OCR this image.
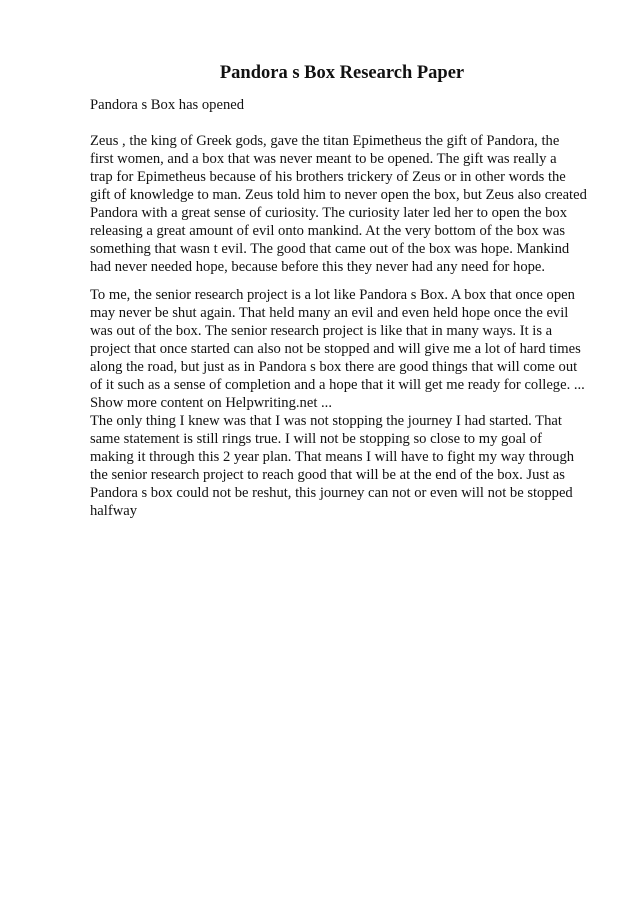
Pandora s Box Research Paper
Pandora s Box has opened
Zeus , the king of Greek gods, gave the titan Epimetheus the gift of Pandora, the
first women, and a box that was never meant to be opened. The gift was really a
trap for Epimetheus because of his brothers trickery of Zeus or in other words the
gift of knowledge to man. Zeus told him to never open the box, but Zeus also created
Pandora with a great sense of curiosity. The curiosity later led her to open the box
releasing a great amount of evil onto mankind. At the very bottom of the box was
something that wasn t evil. The good that came out of the box was hope. Mankind
had never needed hope, because before this they never had any need for hope.
To me, the senior research project is a lot like Pandora s Box. A box that once open
may never be shut again. That held many an evil and even held hope once the evil
was out of the box. The senior research project is like that in many ways. It is a
project that once started can also not be stopped and will give me a lot of hard times
along the road, but just as in Pandora s box there are good things that will come out
of it such as a sense of completion and a hope that it will get me ready for college. ...
Show more content on Helpwriting.net ...
The only thing I knew was that I was not stopping the journey I had started. That
same statement is still rings true. I will not be stopping so close to my goal of
making it through this 2 year plan. That means I will have to fight my way through
the senior research project to reach good that will be at the end of the box. Just as
Pandora s box could not be reshut, this journey can not or even will not be stopped
halfway
